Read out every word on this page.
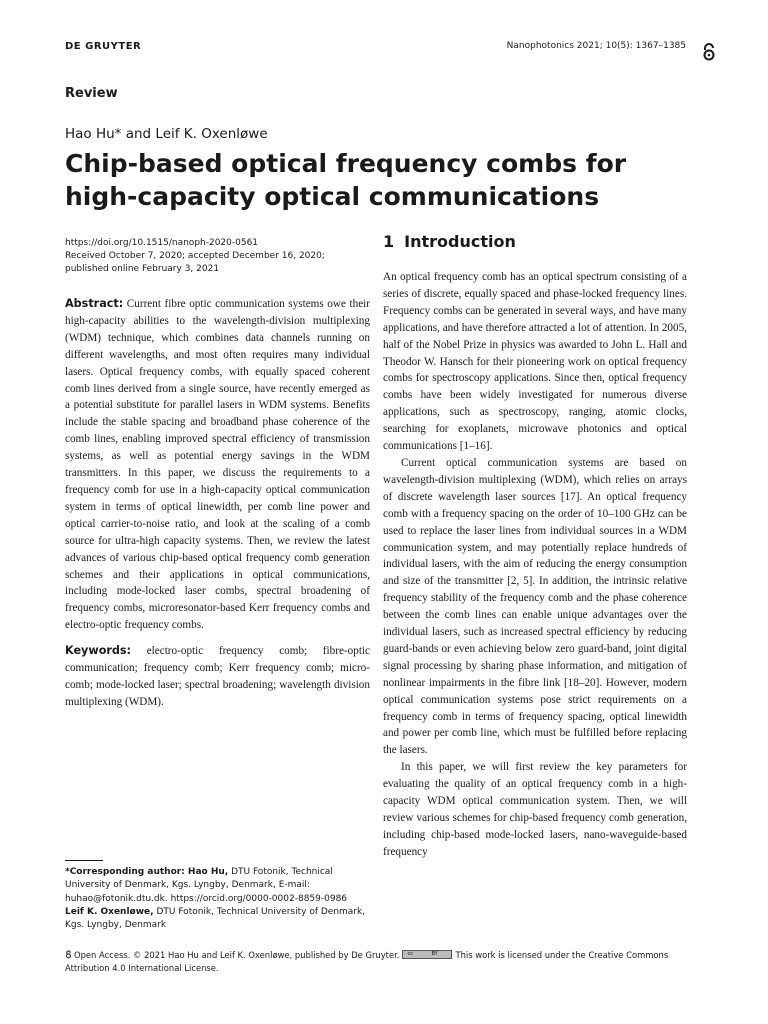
DE GRUYTER	Nanophotonics 2021; 10(5): 1367–1385
Review
Hao Hu* and Leif K. Oxenløwe
Chip-based optical frequency combs for
high-capacity optical communications
https://doi.org/10.1515/nanoph-2020-0561
Received October 7, 2020; accepted December 16, 2020;
published online February 3, 2021

Abstract: Current fibre optic communication systems owe their high-capacity abilities to the wavelength-division multiplexing (WDM) technique, which combines data channels running on different wavelengths, and most often requires many individual lasers. Optical frequency combs, with equally spaced coherent comb lines derived from a single source, have recently emerged as a potential substitute for parallel lasers in WDM systems. Benefits include the stable spacing and broadband phase coherence of the comb lines, enabling improved spectral efficiency of transmission systems, as well as potential energy savings in the WDM transmitters. In this paper, we discuss the requirements to a frequency comb for use in a high-capacity optical communication system in terms of optical linewidth, per comb line power and optical carrier-to-noise ratio, and look at the scaling of a comb source for ultra-high capacity systems. Then, we review the latest advances of various chip-based optical frequency comb generation schemes and their applications in optical communications, including mode-locked laser combs, spectral broadening of frequency combs, microresonator-based Kerr frequency combs and electro-optic frequency combs.

Keywords: electro-optic frequency comb; fibre-optic communication; frequency comb; Kerr frequency comb; micro-comb; mode-locked laser; spectral broadening; wavelength division multiplexing (WDM).

1 Introduction

An optical frequency comb has an optical spectrum consisting of a series of discrete, equally spaced and phase-locked frequency lines. Frequency combs can be generated in several ways, and have many applications, and have therefore attracted a lot of attention. In 2005, half of the Nobel Prize in physics was awarded to John L. Hall and Theodor W. Hansch for their pioneering work on optical frequency combs for spectroscopy applications. Since then, optical frequency combs have been widely investigated for numerous diverse applications, such as spectroscopy, ranging, atomic clocks, searching for exoplanets, microwave photonics and optical communications [1–16].

Current optical communication systems are based on wavelength-division multiplexing (WDM), which relies on arrays of discrete wavelength laser sources [17]. An optical frequency comb with a frequency spacing on the order of 10–100 GHz can be used to replace the laser lines from individual sources in a WDM communication system, and may potentially replace hundreds of individual lasers, with the aim of reducing the energy consumption and size of the transmitter [2, 5]. In addition, the intrinsic relative frequency stability of the frequency comb and the phase coherence between the comb lines can enable unique advantages over the individual lasers, such as increased spectral efficiency by reducing guard-bands or even achieving below zero guard-band, joint digital signal processing by sharing phase information, and mitigation of nonlinear impairments in the fibre link [18–20]. However, modern optical communication systems pose strict requirements on a frequency comb in terms of frequency spacing, optical linewidth and power per comb line, which must be fulfilled before replacing the lasers.

In this paper, we will first review the key parameters for evaluating the quality of an optical frequency comb in a high-capacity WDM optical communication system. Then, we will review various schemes for chip-based frequency comb generation, including chip-based mode-locked lasers, nano-waveguide-based frequency

*Corresponding author: Hao Hu, DTU Fotonik, Technical University of Denmark, Kgs. Lyngby, Denmark, E-mail: huhao@fotonik.dtu.dk. https://orcid.org/0000-0002-8859-0986
Leif K. Oxenløwe, DTU Fotonik, Technical University of Denmark, Kgs. Lyngby, Denmark
Open Access. © 2021 Hao Hu and Leif K. Oxenløwe, published by De Gruyter. cc	BY This work is licensed under the Creative Commons Attribution 4.0 International License.
